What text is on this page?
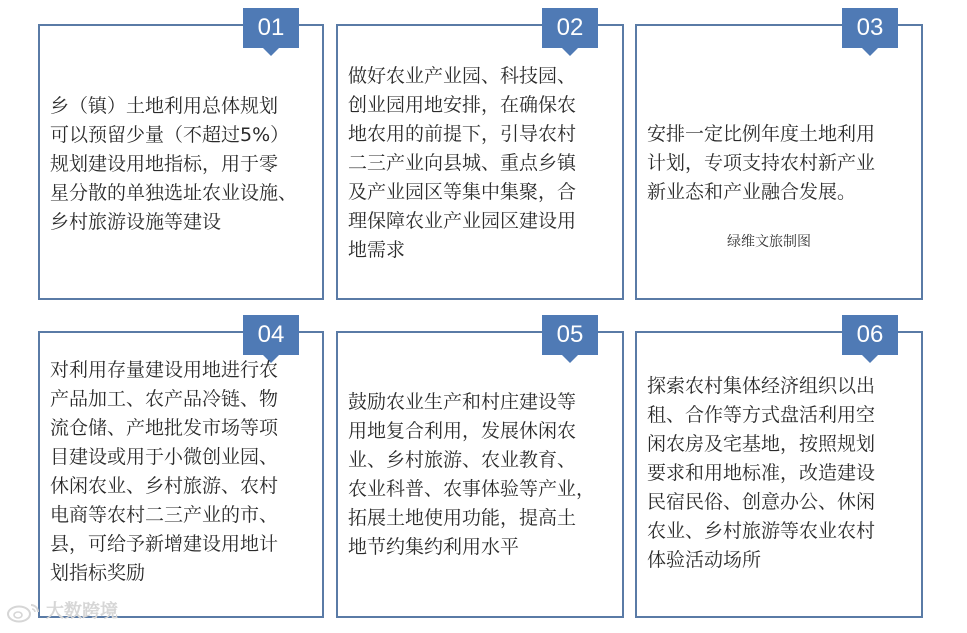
01
乡（镇）土地利用总体规划
可以预留少量（不超过5%）
规划建设用地指标，用于零
星分散的单独选址农业设施、
乡村旅游设施等建设
02
做好农业产业园、科技园、
创业园用地安排，在确保农
地农用的前提下，引导农村
二三产业向县城、重点乡镇
及产业园区等集中集聚，合
理保障农业产业园区建设用
地需求
03
安排一定比例年度土地利用
计划，专项支持农村新产业
新业态和产业融合发展。
绿维文旅制图
04
对利用存量建设用地进行农
产品加工、农产品冷链、物
流仓储、产地批发市场等项
目建设或用于小微创业园、
休闲农业、乡村旅游、农村
电商等农村二三产业的市、
县，可给予新增建设用地计
划指标奖励
05
鼓励农业生产和村庄建设等
用地复合利用，发展休闲农
业、乡村旅游、农业教育、
农业科普、农事体验等产业，
拓展土地使用功能，提高土
地节约集约利用水平
06
探索农村集体经济组织以出
租、合作等方式盘活利用空
闲农房及宅基地，按照规划
要求和用地标准，改造建设
民宿民俗、创意办公、休闲
农业、乡村旅游等农业农村
体验活动场所
大数跨境
